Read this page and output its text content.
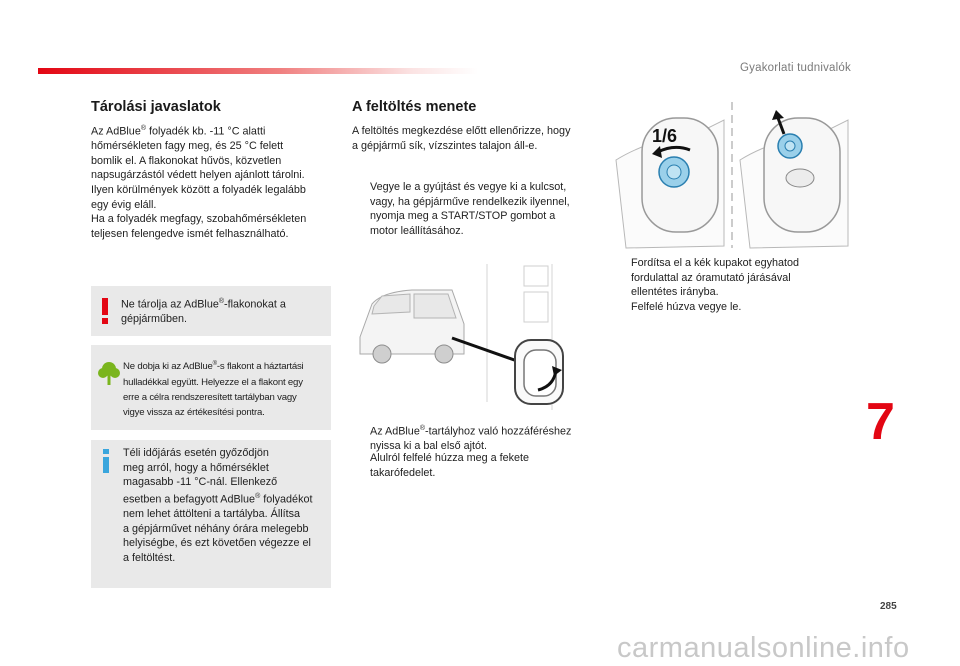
Gyakorlati tudnivalók
Tárolási javaslatok
Az AdBlue® folyadék kb. -11 °C alatti
hőmérsékleten fagy meg, és 25 °C felett
bomlik el. A flakonokat hűvös, közvetlen
napsugárzástól védett helyen ajánlott tárolni.
Ilyen körülmények között a folyadék legalább
egy évig eláll.
Ha a folyadék megfagy, szobahőmérsékleten
teljesen felengedve ismét felhasználható.
Ne tárolja az AdBlue®-flakonokat a
gépjárműben.
Ne dobja ki az AdBlue®-s flakont a háztartási
hulladékkal együtt. Helyezze el a flakont egy
erre a célra rendszeresített tartályban vagy
vigye vissza az értékesítési pontra.
Téli időjárás esetén győződjön
meg arról, hogy a hőmérséklet
magasabb -11 °C-nál. Ellenkező
esetben a befagyott AdBlue® folyadékot
nem lehet áttölteni a tartályba. Állítsa
a gépjárművet néhány órára melegebb
helyiségbe, és ezt követően végezze el
a feltöltést.
A feltöltés menete
A feltöltés megkezdése előtt ellenőrizze, hogy
a gépjármű sík, vízszintes talajon áll-e.
Vegye le a gyújtást és vegye ki a kulcsot,
vagy, ha gépjárműve rendelkezik ilyennel,
nyomja meg a START/STOP gombot a
motor leállításához.
Az AdBlue®-tartályhoz való hozzáféréshez
nyissa ki a bal első ajtót.
Alulról felfelé húzza meg a fekete
takarófedelet.
1/6
Fordítsa el a kék kupakot egyhatod
fordulattal az óramutató járásával
ellentétes irányba.
Felfelé húzva vegye le.
7
285
carmanualsonline.info
